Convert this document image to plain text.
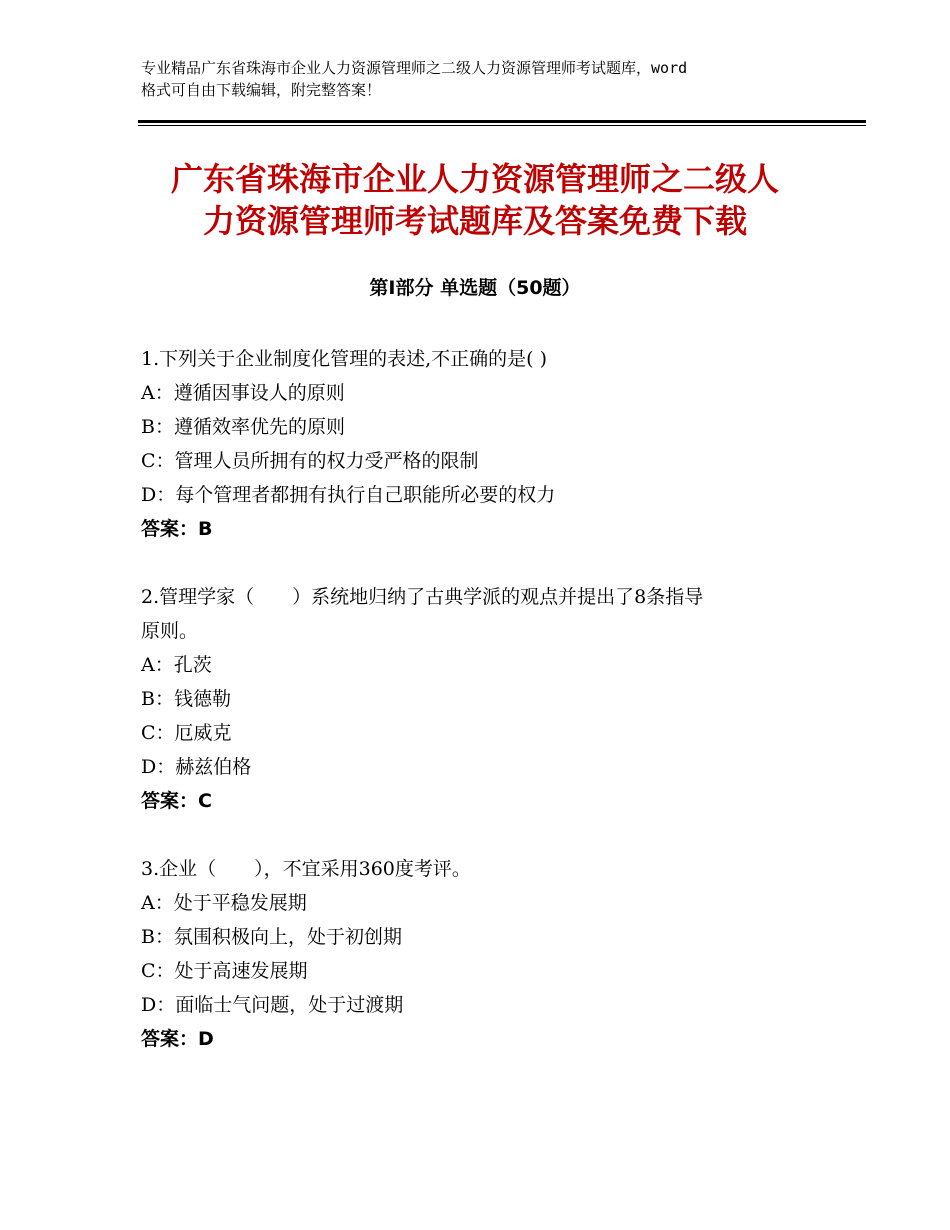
专业精品广东省珠海市企业人力资源管理师之二级人力资源管理师考试题库，word
格式可自由下载编辑，附完整答案！
广东省珠海市企业人力资源管理师之二级人
力资源管理师考试题库及答案免费下载
第Ⅰ部分 单选题（50题）
1.下列关于企业制度化管理的表述,不正确的是( )
A：遵循因事设人的原则
B：遵循效率优先的原则
C：管理人员所拥有的权力受严格的限制
D：每个管理者都拥有执行自己职能所必要的权力
答案：B
2.管理学家（　　）系统地归纳了古典学派的观点并提出了8条指导
原则。
A：孔茨
B：钱德勒
C：厄威克
D：赫兹伯格
答案：C
3.企业（　　），不宜采用360度考评。
A：处于平稳发展期
B：氛围积极向上，处于初创期
C：处于高速发展期
D：面临士气问题，处于过渡期
答案：D
